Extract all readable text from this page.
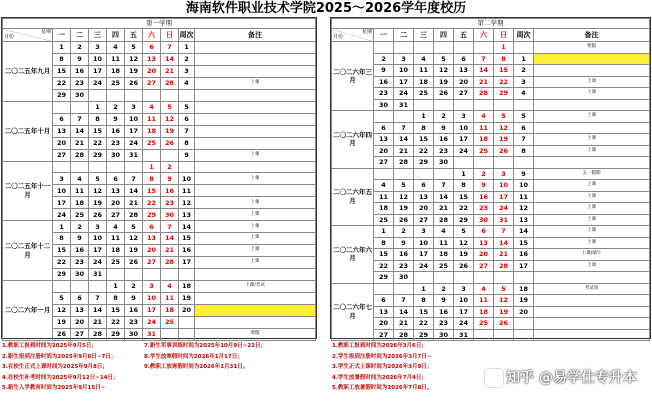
海南软件职业技术学院2025～2026学年度校历
第一学期									

星期
月份	一	二	三	四	五	六	日	周次	备注
二〇二五年九月	1	2	3	4	5	6	7	1	
	8	9	10	11	12	13	14	2	
	15	16	17	18	19	20	21	3	
	22	23	24	25	26	27	28	4	上课
	29	30							
二〇二五年十月			1	2	3	4	5	5	
	6	7	8	9	10	11	12	6	
	13	14	15	16	17	18	19	7	
	20	21	22	23	24	25	26	8	
	27	28	29	30	31			9	上课
二〇二五年十一月						1	2		
	3	4	5	6	7	8	9	10	上课
	10	11	12	13	14	15	16	11	
	17	18	19	20	21	22	23	12	上课
	24	25	26	27	28	29	30	13	上课
二〇二五年十二月	1	2	3	4	5	6	7	14	上课
	8	9	10	11	12	13	14	15	上课
	15	16	17	18	19	20	21	16	上课
	22	23	24	25	26	27	28	17	上课
	29	30	31						
二〇二六年一月				1	2	3	4	18	上课/考试
	5	6	7	8	9	10	11	19	
	12	13	14	15	16	17	18	20	
	19	20	21	22	23	24	25		
	26	27	28	29	30	31			寒假
第二学期									

星期
月份	一	二	三	四	五	六	日	周次	备注
二〇二六年三月							1		寒假
	2	3	4	5	6	7	8	1	
	9	10	11	12	13	14	15	2	
	16	17	18	19	20	21	22	3	上课
	23	24	25	26	27	28	29	4	上课
	30	31							
二〇二六年四月			1	2	3	4	5	5	上课
	6	7	8	9	10	11	12	6	
	13	14	15	16	17	18	19	7	上课
	20	21	22	23	24	25	26	8	上课
	27	28	29	30					
二〇二六年五月					1	2	3	9	五一假期
	4	5	6	7	8	9	10	10	上课
	11	12	13	14	15	16	17	11	上课
	18	19	20	21	22	23	24	12	上课
	25	26	27	28	29	30	31	13	上课
二〇二六年六月	1	2	3	4	5	6	7	14	上课
	8	9	10	11	12	13	14	15	上课
	15	16	17	18	19	20	21	16	上课/端午
	22	23	24	25	26	27	28	17	上课
	29	30							
二〇二六年七月			1	2	3	4	5	18	考试周
	6	7	8	9	10	11	12	19	
	13	14	15	16	17	18	19	20	
	20	21	22	23	24	25	26		
	27	28	29	30	31				
1.教职工报到时间为2025年9月5日；
2.新生报到注册时间为2025年9月6日~7日；
3.在校生正式上课时间为2025年9月8日；
4.在校生补考时间为2025年9月12日~14日；
5.新生入学教育时间为2025年9月15日~
7.新生军事训练时间为2025年10月9日~22日；
8.学生放寒假时间为2026年1月17日；
9.教职工放寒假时间为2026年1月31日。
1.教职工报到时间为2026年3月6日；
2.学生报到注册时间为2026年3月7日~
3.学生正式上课时间为2026年3月9日；
4.学生放暑假时间为2026年7月4日；
5.教职工放暑假时间为2026年7月8日。
知乎 @易学仕专升本
